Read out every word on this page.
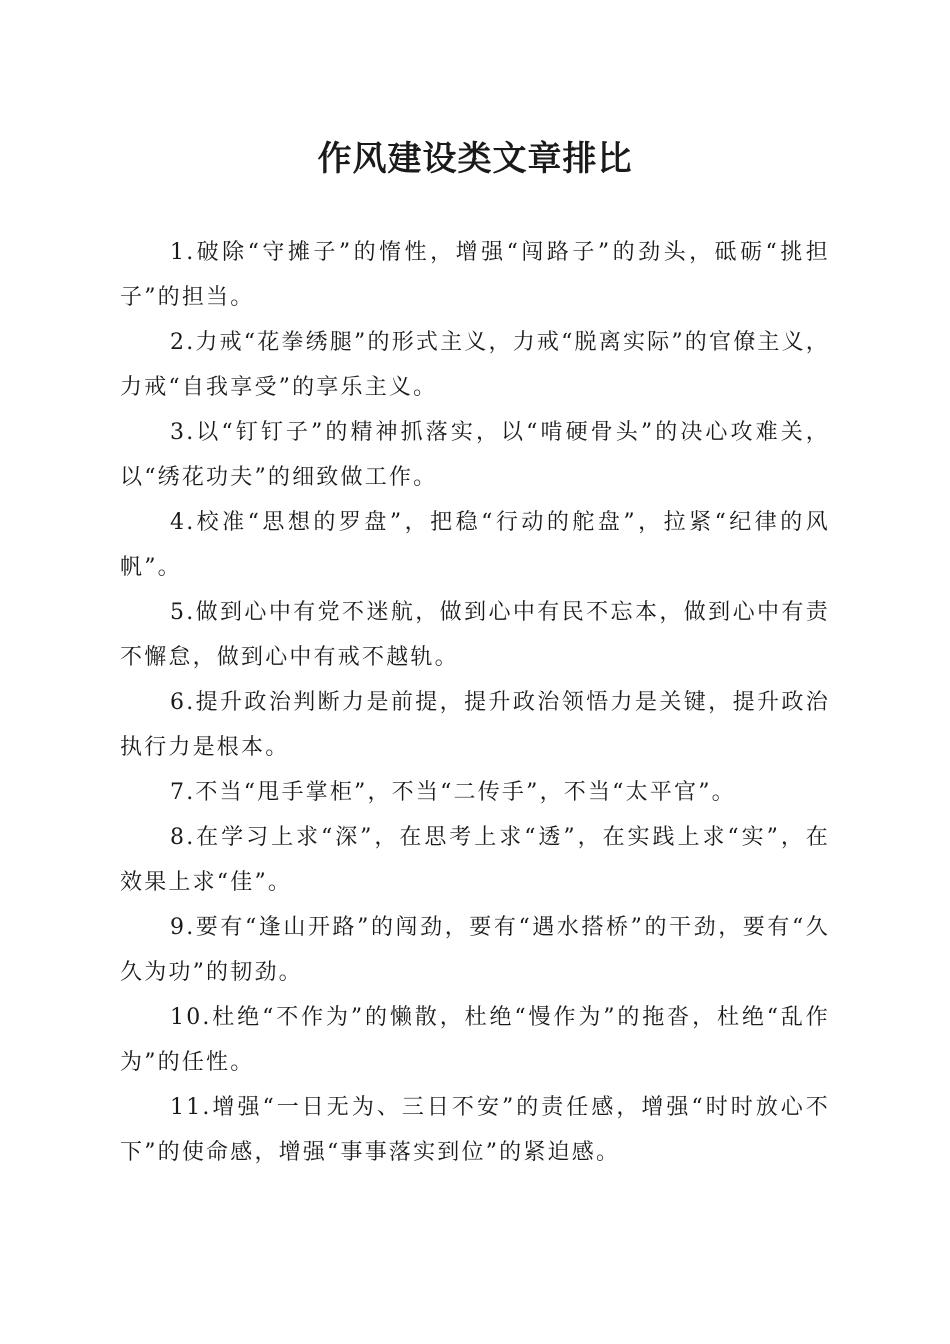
作风建设类文章排比

1.破除“守摊子”的惰性，增强“闯路子”的劲头，砥砺“挑担子”的担当。

2.力戒“花拳绣腿”的形式主义，力戒“脱离实际”的官僚主义，力戒“自我享受”的享乐主义。

3.以“钉钉子”的精神抓落实，以“啃硬骨头”的决心攻难关，以“绣花功夫”的细致做工作。

4.校准“思想的罗盘”，把稳“行动的舵盘”，拉紧“纪律的风帆”。

5.做到心中有党不迷航，做到心中有民不忘本，做到心中有责不懈怠，做到心中有戒不越轨。

6.提升政治判断力是前提，提升政治领悟力是关键，提升政治执行力是根本。

7.不当“甩手掌柜”，不当“二传手”，不当“太平官”。

8.在学习上求“深”，在思考上求“透”，在实践上求“实”，在效果上求“佳”。

9.要有“逢山开路”的闯劲，要有“遇水搭桥”的干劲，要有“久久为功”的韧劲。

10.杜绝“不作为”的懒散，杜绝“慢作为”的拖沓，杜绝“乱作为”的任性。

11.增强“一日无为、三日不安”的责任感，增强“时时放心不下”的使命感，增强“事事落实到位”的紧迫感。
